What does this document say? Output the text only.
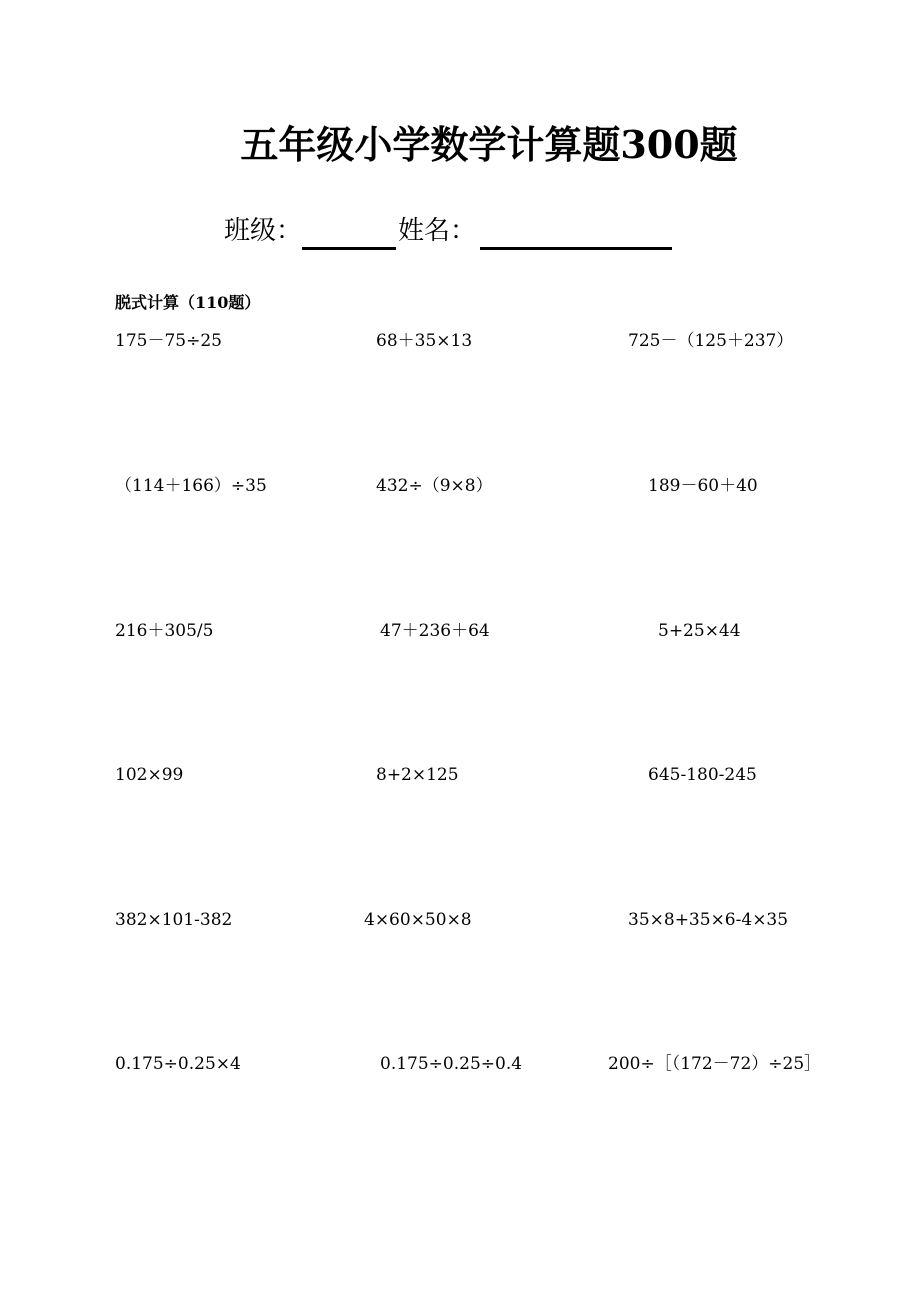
五年级小学数学计算题300题
班级：	姓名：
脱式计算（110题）
175－75÷25	68＋35×13	725－（125＋237）
（114＋166）÷35	432÷（9×8）	189－60＋40
216＋305/5	47＋236＋64	5+25×44
102×99	8+2×125	645-180-245
382×101-382	4×60×50×8	35×8+35×6-4×35
0.175÷0.25×4	0.175÷0.25÷0.4	200÷［（172－72）÷25］
